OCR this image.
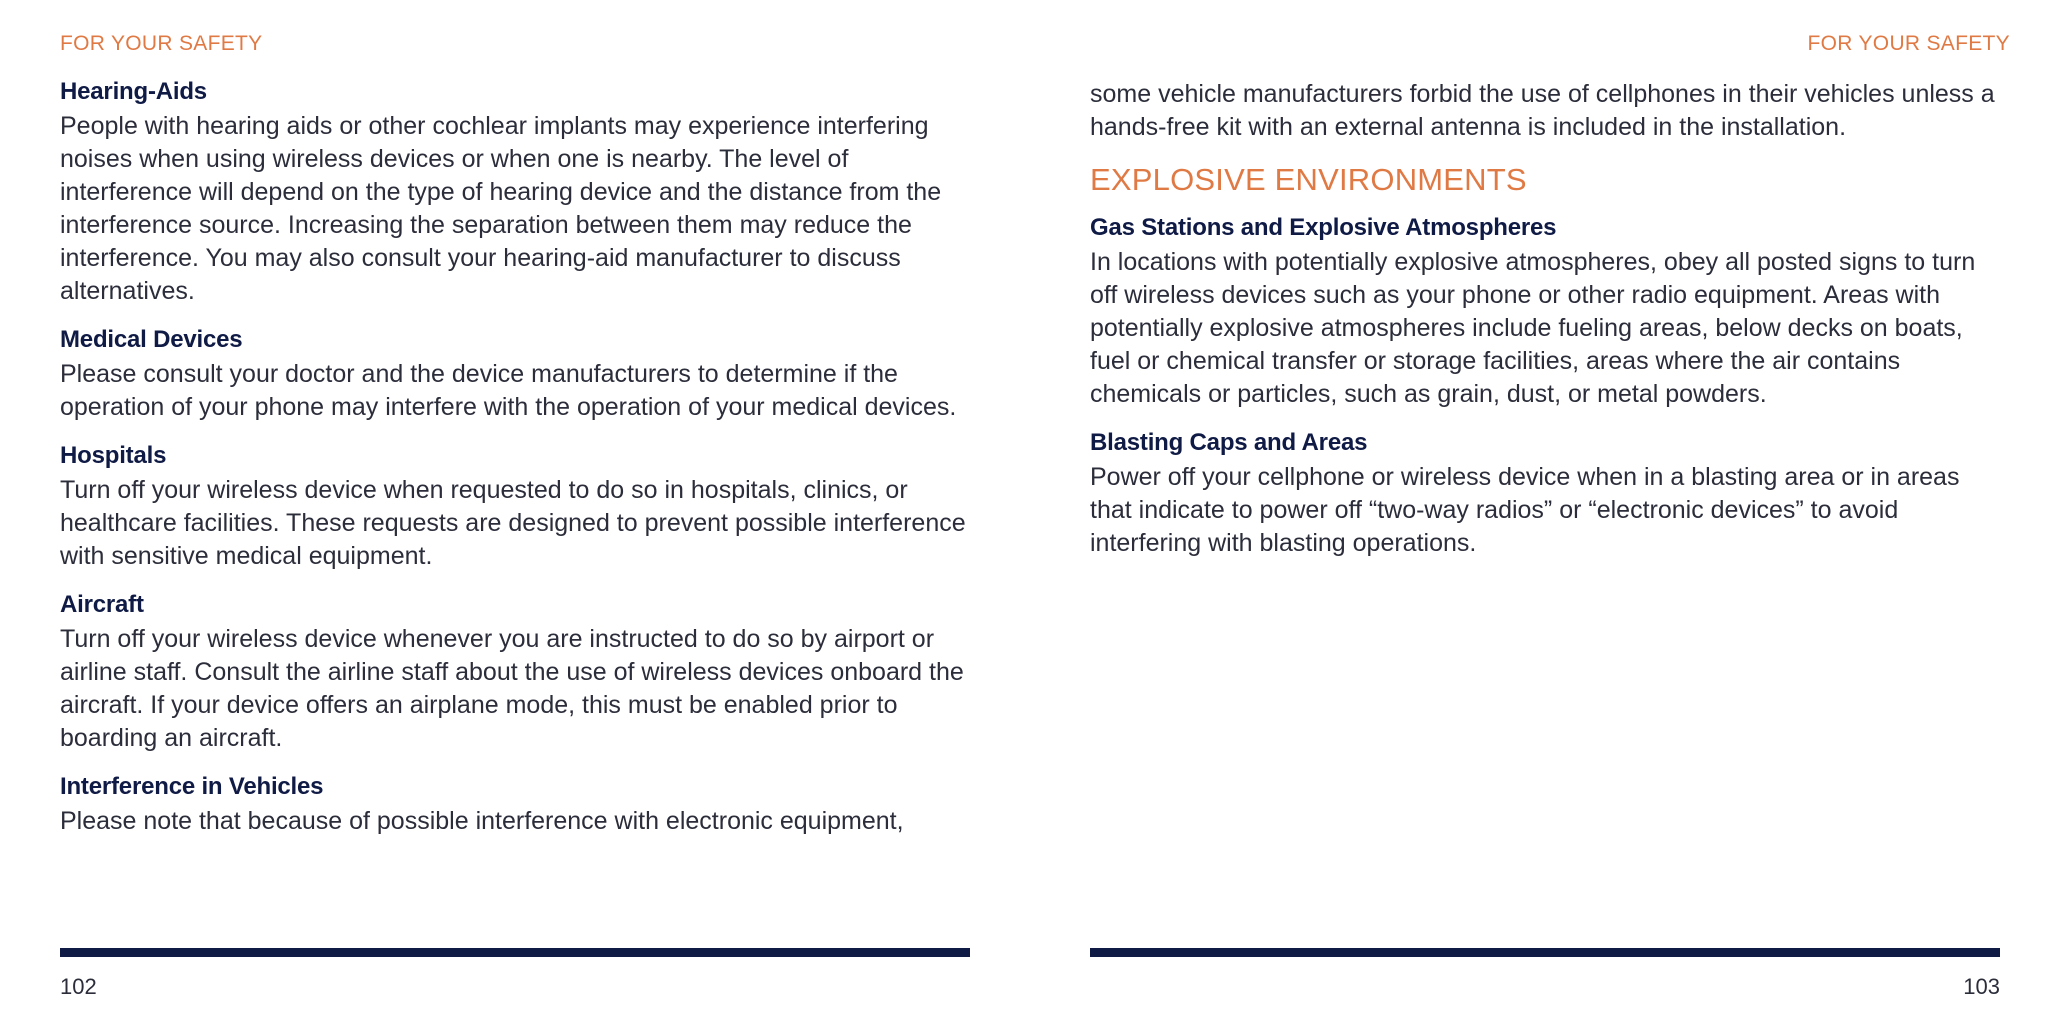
FOR YOUR SAFETY
Hearing-Aids

People with hearing aids or other cochlear implants may experience interfering noises when using wireless devices or when one is nearby. The level of interference will depend on the type of hearing device and the distance from the interference source. Increasing the separation between them may reduce the interference. You may also consult your hearing-aid manufacturer to discuss alternatives.

Medical Devices

Please consult your doctor and the device manufacturers to determine if the operation of your phone may interfere with the operation of your medical devices.

Hospitals

Turn off your wireless device when requested to do so in hospitals, clinics, or healthcare facilities. These requests are designed to prevent possible interference with sensitive medical equipment.

Aircraft

Turn off your wireless device whenever you are instructed to do so by airport or airline staff. Consult the airline staff about the use of wireless devices onboard the aircraft. If your device offers an airplane mode, this must be enabled prior to boarding an aircraft.

Interference in Vehicles

Please note that because of possible interference with electronic equipment,

102
FOR YOUR SAFETY

some vehicle manufacturers forbid the use of cellphones in their vehicles unless a hands-free kit with an external antenna is included in the installation.

EXPLOSIVE ENVIRONMENTS
Gas Stations and Explosive Atmospheres

In locations with potentially explosive atmospheres, obey all posted signs to turn off wireless devices such as your phone or other radio equipment. Areas with potentially explosive atmospheres include fueling areas, below decks on boats, fuel or chemical transfer or storage facilities, areas where the air contains chemicals or particles, such as grain, dust, or metal powders.

Blasting Caps and Areas

Power off your cellphone or wireless device when in a blasting area or in areas that indicate to power off “two-way radios” or “electronic devices” to avoid interfering with blasting operations.

103
